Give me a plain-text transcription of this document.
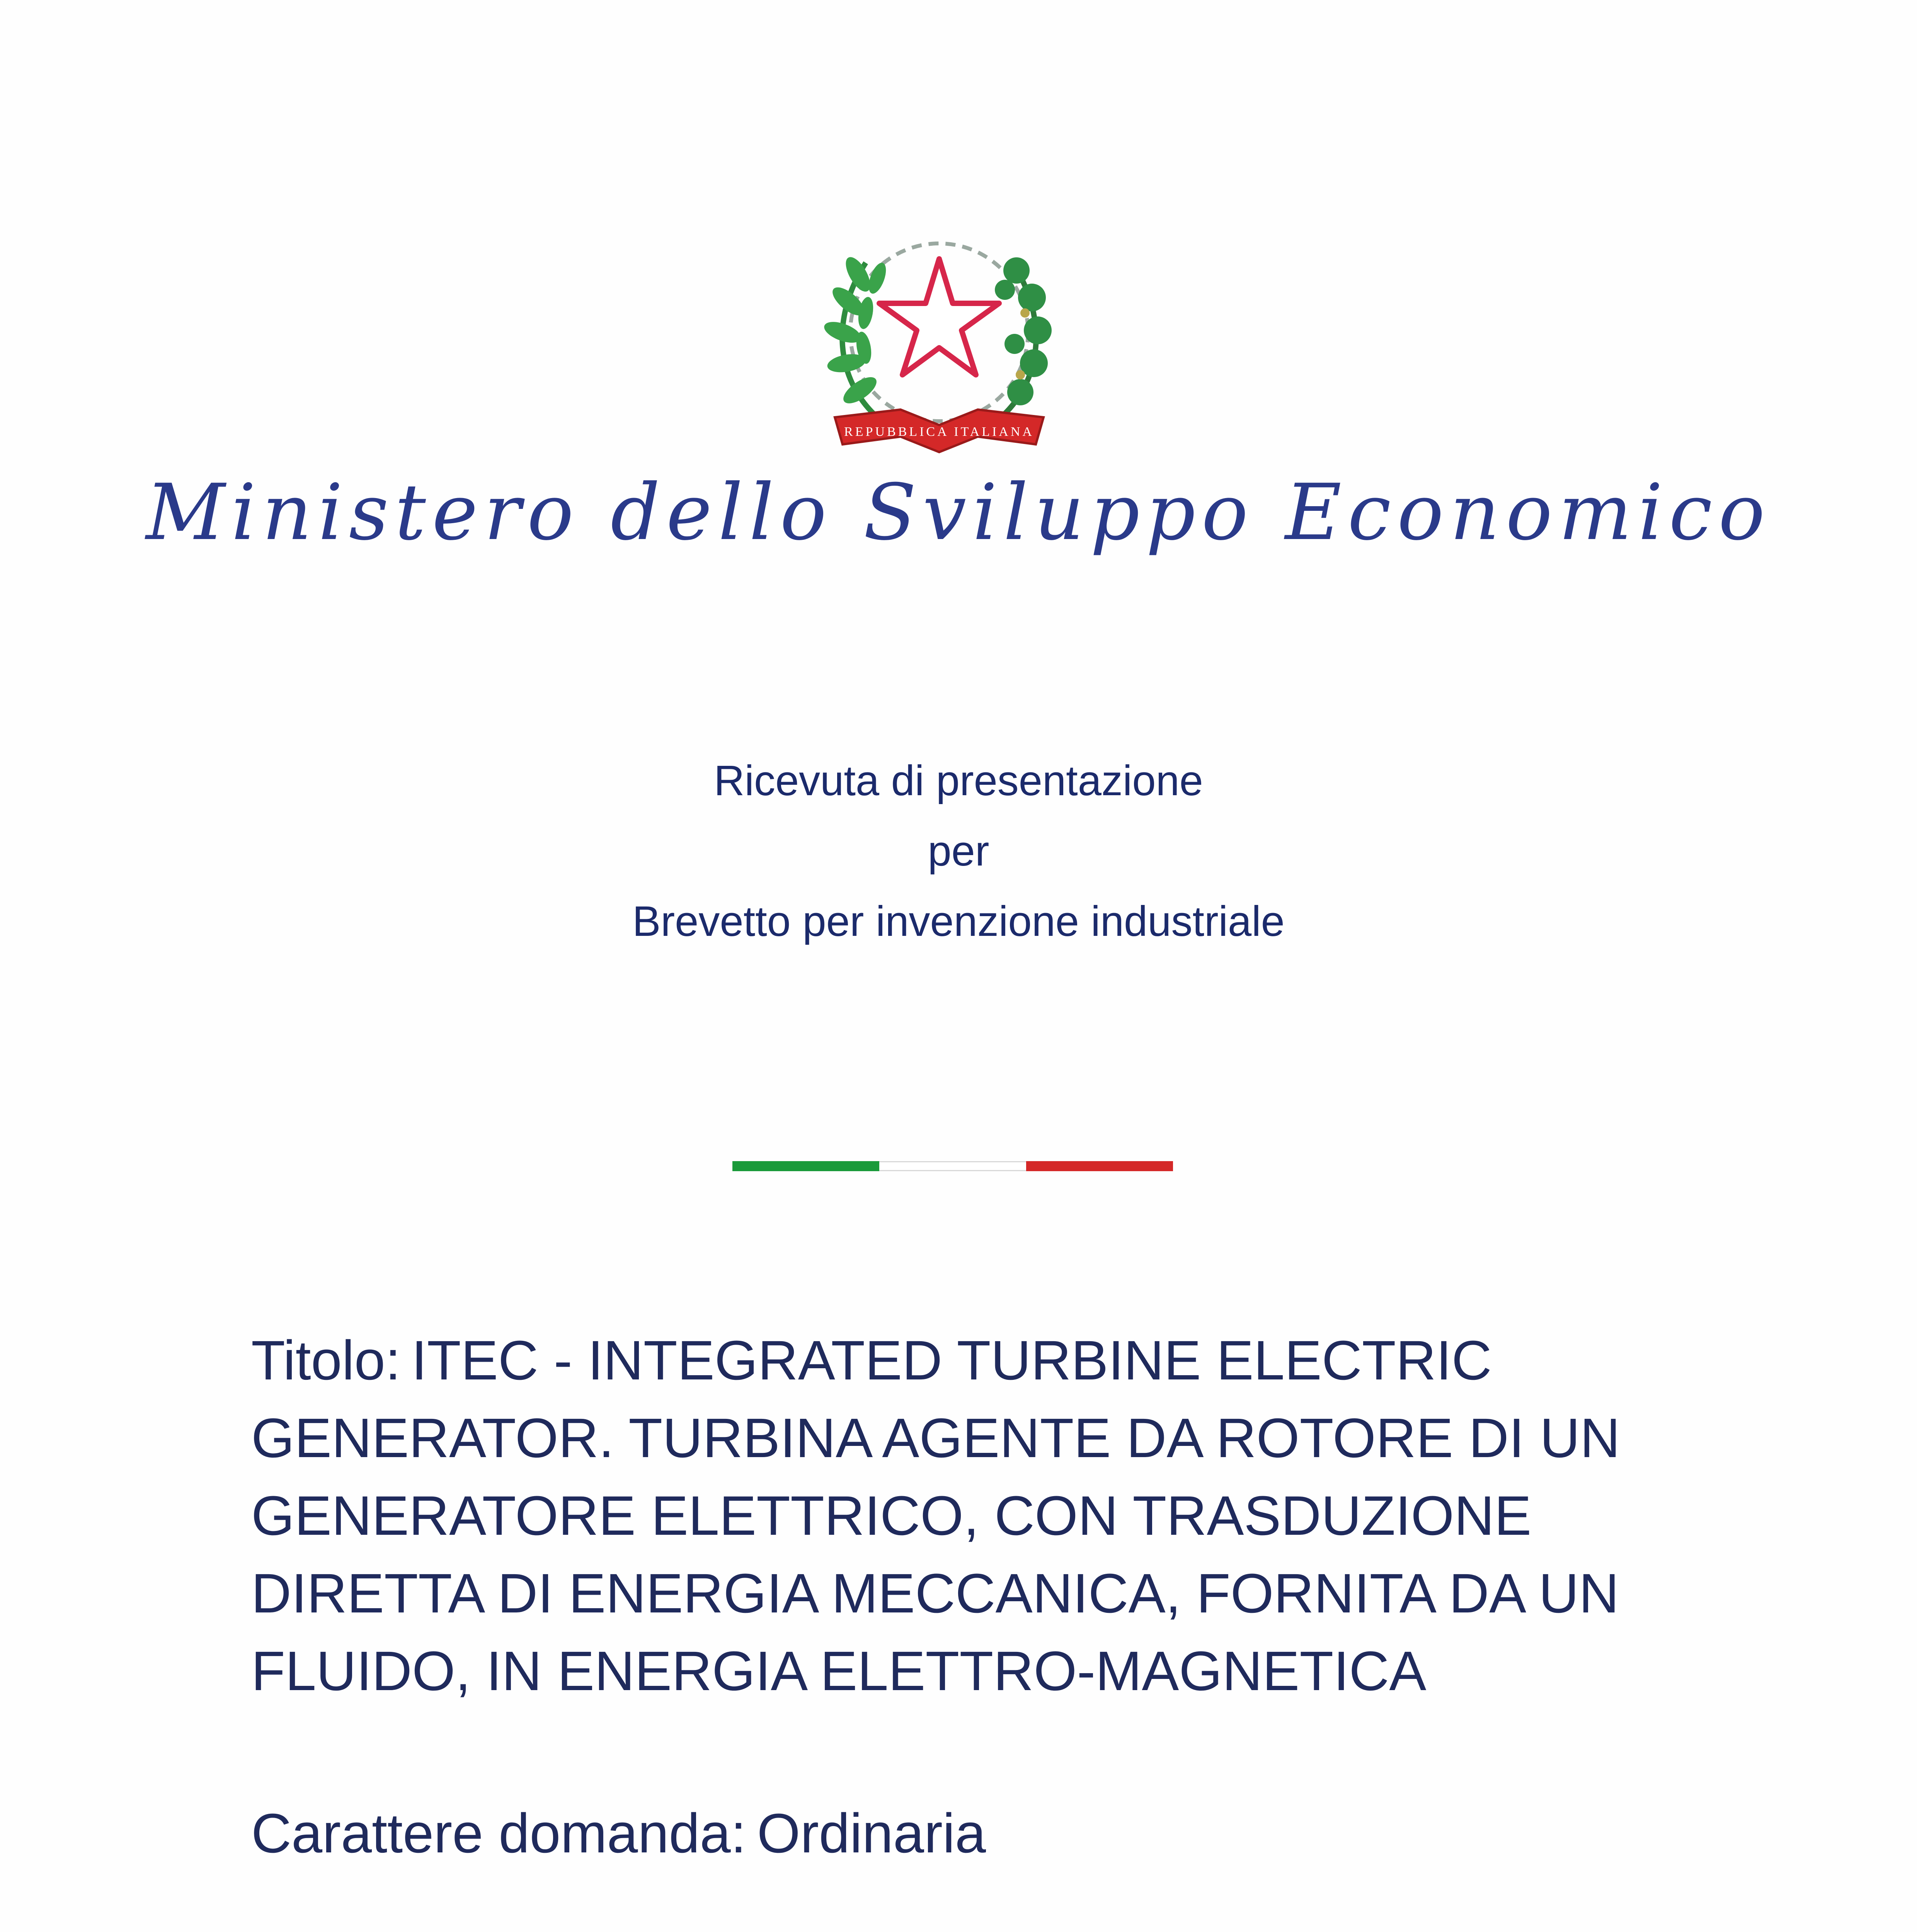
REPUBBLICA ITALIANA
Ministero dello Sviluppo Economico
Ricevuta di presentazione
per
Brevetto per invenzione industriale
Titolo: ITEC - INTEGRATED TURBINE ELECTRIC GENERATOR. TURBINA AGENTE DA ROTORE DI UN GENERATORE ELETTRICO, CON TRASDUZIONE DIRETTA DI ENERGIA MECCANICA, FORNITA DA UN FLUIDO, IN ENERGIA ELETTRO-MAGNETICA
Carattere domanda: Ordinaria
